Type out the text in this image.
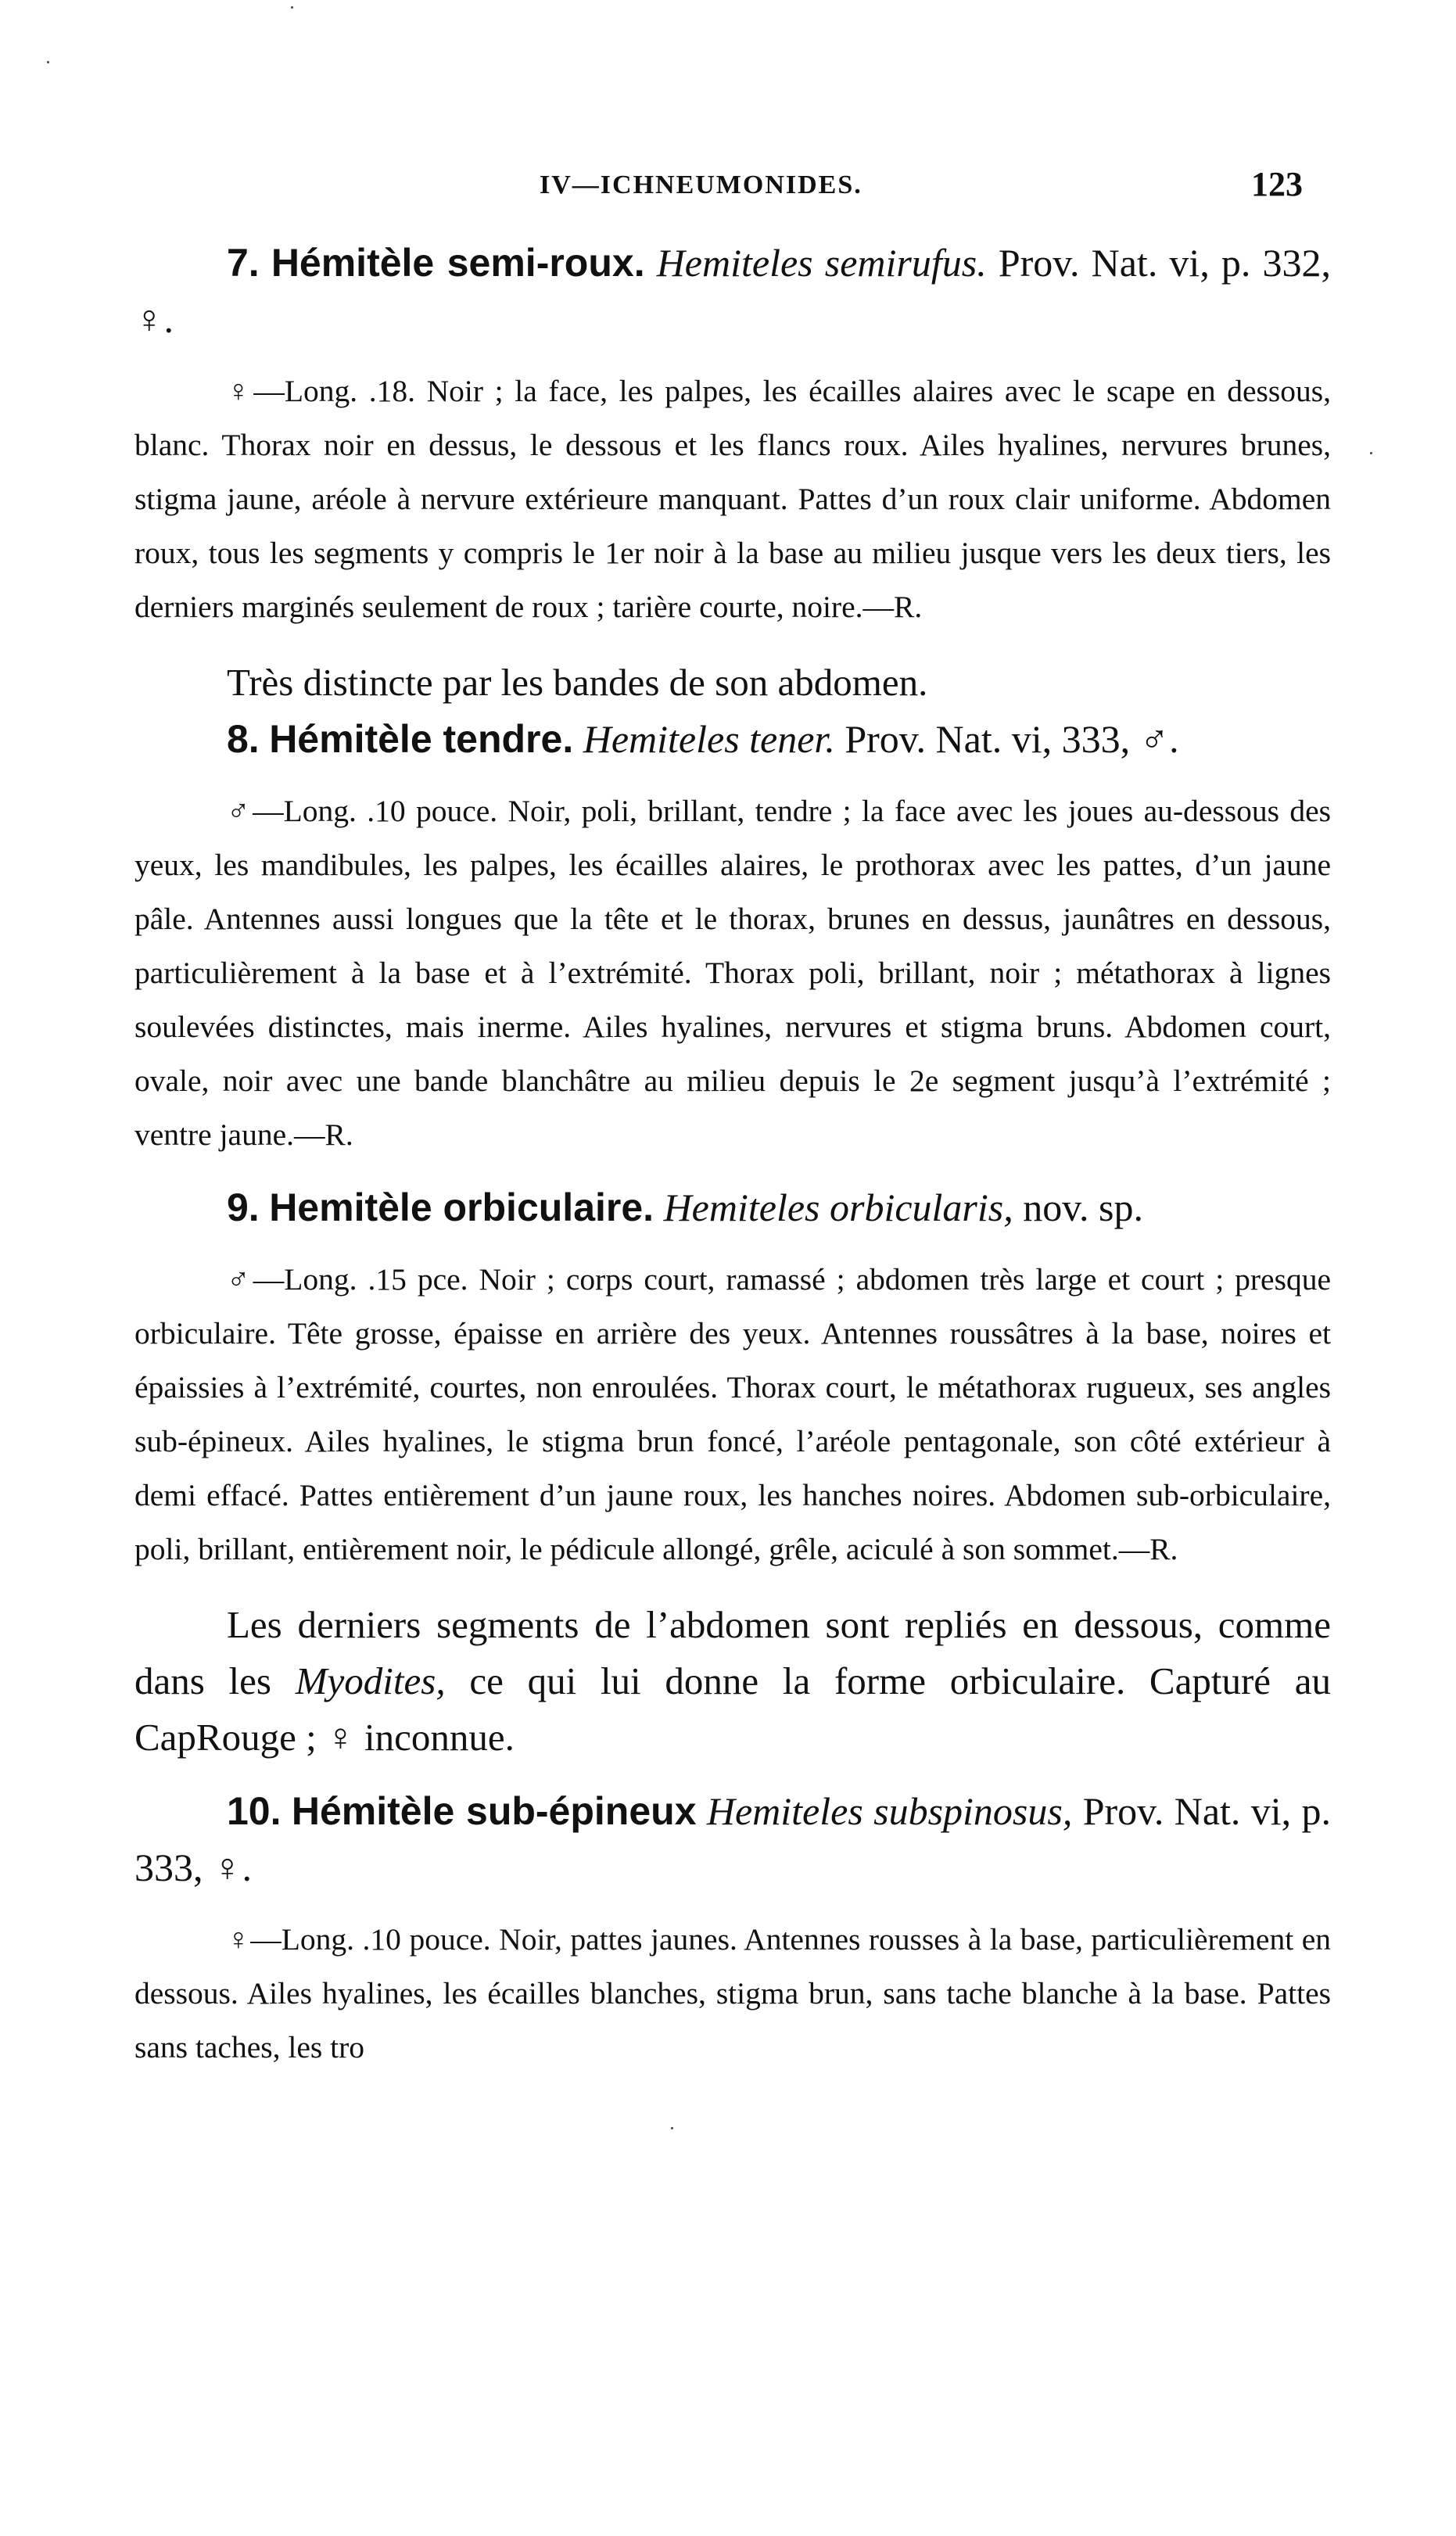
IV—ICHNEUMONIDES.	123

7. Hémitèle semi-roux. Hemiteles semirufus. Prov. Nat. vi, p. 332, ♀.

♀—Long. .18. Noir ; la face, les palpes, les écailles alaires avec le scape en dessous, blanc. Thorax noir en dessus, le dessous et les flancs roux. Ailes hyalines, nervures brunes, stigma jaune, aréole à nervure extérieure manquant. Pattes d’un roux clair uniforme. Abdomen roux, tous les segments y compris le 1er noir à la base au milieu jusque vers les deux tiers, les derniers marginés seulement de roux ; tarière courte, noire.—R.

Très distincte par les bandes de son abdomen.

8. Hémitèle tendre. Hemiteles tener. Prov. Nat. vi, 333, ♂.

♂—Long. .10 pouce. Noir, poli, brillant, tendre ; la face avec les joues au-dessous des yeux, les mandibules, les palpes, les écailles alaires, le prothorax avec les pattes, d’un jaune pâle. Antennes aussi longues que la tête et le thorax, brunes en dessus, jaunâtres en dessous, particulièrement à la base et à l’extrémité. Thorax poli, brillant, noir ; métathorax à lignes soulevées distinctes, mais inerme. Ailes hyalines, nervures et stigma bruns. Abdomen court, ovale, noir avec une bande blanchâtre au milieu depuis le 2e segment jusqu’à l’extrémité ; ventre jaune.—R.

9. Hemitèle orbiculaire. Hemiteles orbicularis, nov. sp.

♂—Long. .15 pce. Noir ; corps court, ramassé ; abdomen très large et court ; presque orbiculaire. Tête grosse, épaisse en arrière des yeux. Antennes roussâtres à la base, noires et épaissies à l’extrémité, courtes, non enroulées. Thorax court, le métathorax rugueux, ses angles sub-épineux. Ailes hyalines, le stigma brun foncé, l’aréole pentagonale, son côté extérieur à demi effacé. Pattes entièrement d’un jaune roux, les hanches noires. Abdomen sub-orbiculaire, poli, brillant, entièrement noir, le pédicule allongé, grêle, aciculé à son sommet.—R.

Les derniers segments de l’abdomen sont repliés en dessous, comme dans les Myodites, ce qui lui donne la forme orbiculaire. Capturé au CapRouge ; ♀ inconnue.

10. Hémitèle sub-épineux Hemiteles subspinosus, Prov. Nat. vi, p. 333, ♀.

♀—Long. .10 pouce. Noir, pattes jaunes. Antennes rousses à la base, particulièrement en dessous. Ailes hyalines, les écailles blanches, stigma brun, sans tache blanche à la base. Pattes sans taches, les tro
